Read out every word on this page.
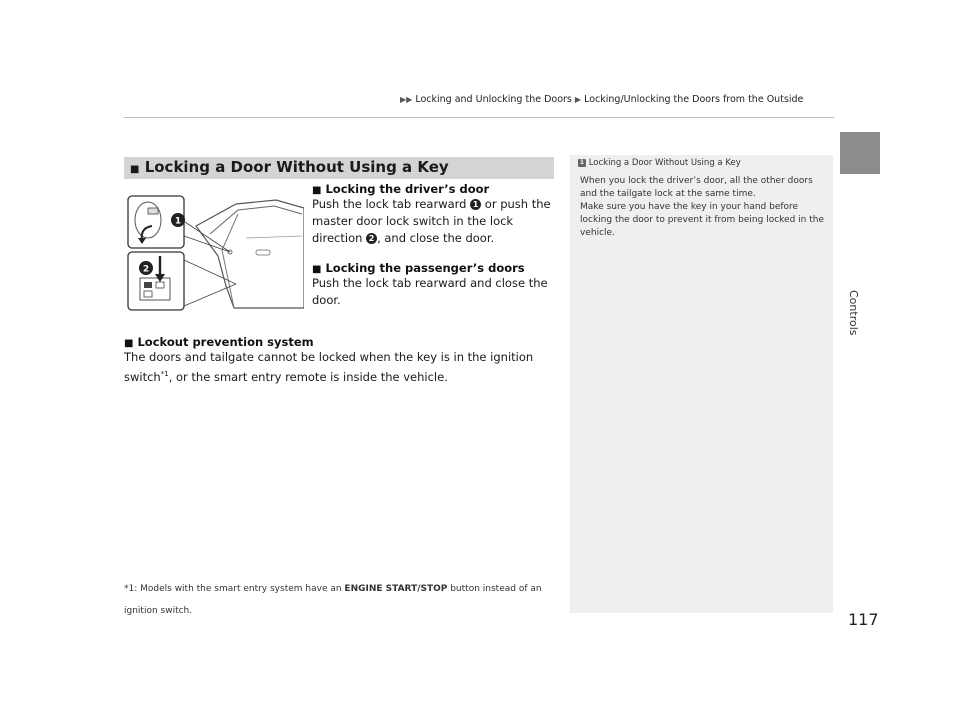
▶▶ Locking and Unlocking the Doors ▶ Locking/Unlocking the Doors from the Outside
Controls
■ Locking a Door Without Using a Key
1
2
■ Locking the driver’s door
Push the lock tab rearward 1 or push the master door lock switch in the lock direction 2 , and close the door.
■ Locking the passenger’s doors
Push the lock tab rearward and close the door.
■ Lockout prevention system
The doors and tailgate cannot be locked when the key is in the ignition switch$^{*1}$, or the smart entry remote is inside the vehicle.
*1: Models with the smart entry system have an ENGINE START/STOP button instead of an ignition switch.
1 Locking a Door Without Using a Key
When you lock the driver’s door, all the other doors and the tailgate lock at the same time.
Make sure you have the key in your hand before locking the door to prevent it from being locked in the vehicle.
117
